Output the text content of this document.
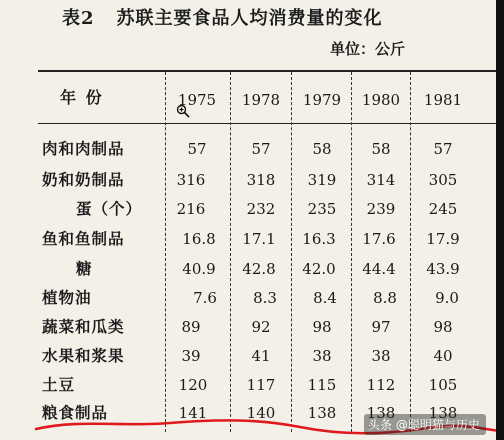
表2 苏联主要食品人均消费量的变化
单位：公斤
年 份	1975	1978	1979	1980	1981
肉和肉制品	57	57	58	58	57
奶和奶制品	316	318	319	314	305
蛋（个）	216	232	235	239	245
鱼和鱼制品	16.8	17.1	16.3	17.6	17.9
糖	40.9	42.8	42.0	44.4	43.9
植物油	7.6	8.3	8.4	8.8	9.0
蔬菜和瓜类	89	92	98	97	98
水果和浆果	39	41	38	38	40
土豆	120	117	115	112	105
粮食制品	141	140	138	138	138
头条 @聪明猫与历史
